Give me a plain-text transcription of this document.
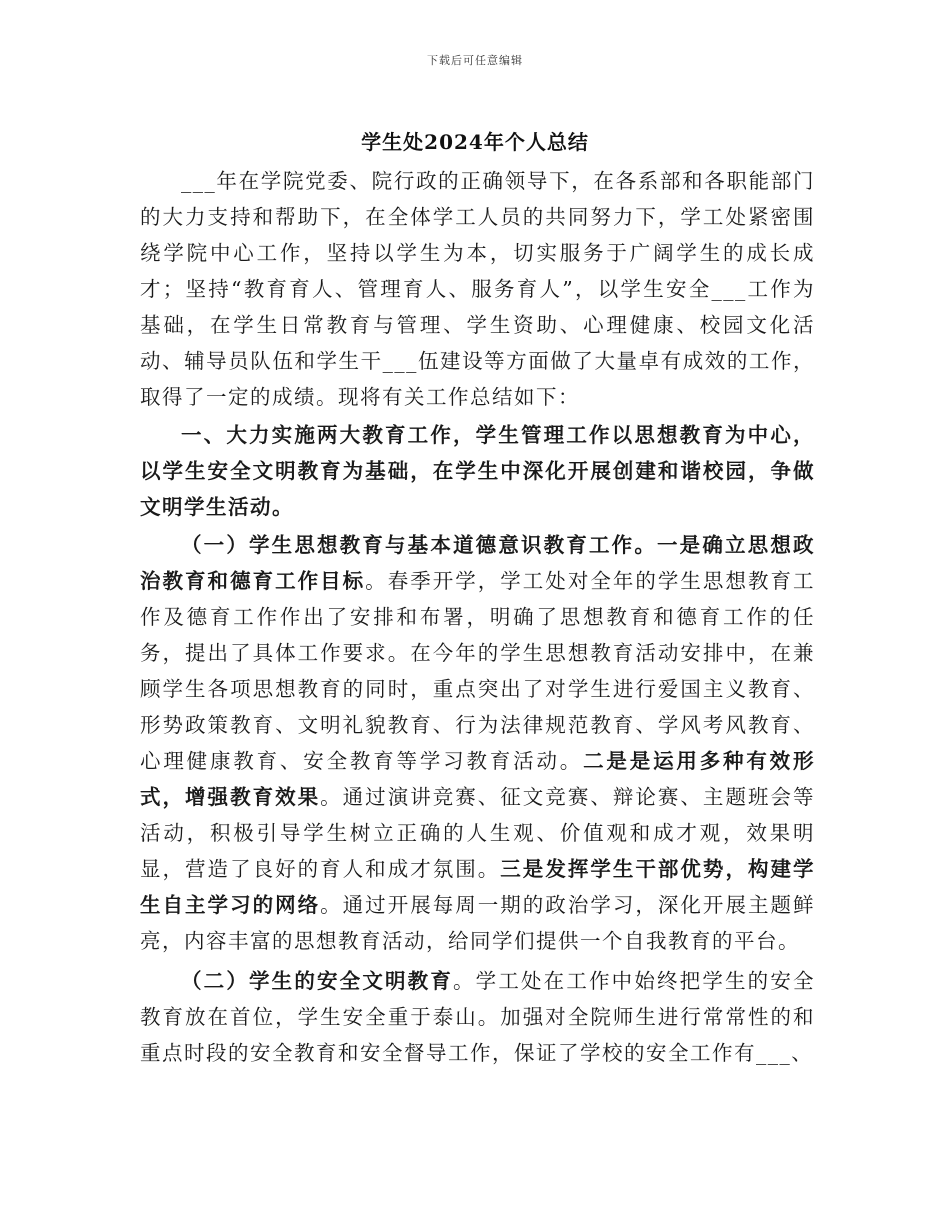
下载后可任意编辑
学生处2024年个人总结

___年在学院党委、院行政的正确领导下，在各系部和各职能部门的大力支持和帮助下，在全体学工人员的共同努力下，学工处紧密围绕学院中心工作，坚持以学生为本，切实服务于广阔学生的成长成才；坚持“教育育人、管理育人、服务育人”，以学生安全___工作为基础，在学生日常教育与管理、学生资助、心理健康、校园文化活动、辅导员队伍和学生干___伍建设等方面做了大量卓有成效的工作，取得了一定的成绩。现将有关工作总结如下：

一、大力实施两大教育工作，学生管理工作以思想教育为中心，以学生安全文明教育为基础，在学生中深化开展创建和谐校园，争做文明学生活动。

（一）学生思想教育与基本道德意识教育工作。一是确立思想政治教育和德育工作目标。春季开学，学工处对全年的学生思想教育工作及德育工作作出了安排和布署，明确了思想教育和德育工作的任务，提出了具体工作要求。在今年的学生思想教育活动安排中，在兼顾学生各项思想教育的同时，重点突出了对学生进行爱国主义教育、形势政策教育、文明礼貌教育、行为法律规范教育、学风考风教育、心理健康教育、安全教育等学习教育活动。二是是运用多种有效形式，增强教育效果。通过演讲竞赛、征文竞赛、辩论赛、主题班会等活动，积极引导学生树立正确的人生观、价值观和成才观，效果明显，营造了良好的育人和成才氛围。三是发挥学生干部优势，构建学生自主学习的网络。通过开展每周一期的政治学习，深化开展主题鲜亮，内容丰富的思想教育活动，给同学们提供一个自我教育的平台。

（二）学生的安全文明教育。学工处在工作中始终把学生的安全教育放在首位，学生安全重于泰山。加强对全院师生进行常常性的和重点时段的安全教育和安全督导工作，保证了学校的安全工作有___、
